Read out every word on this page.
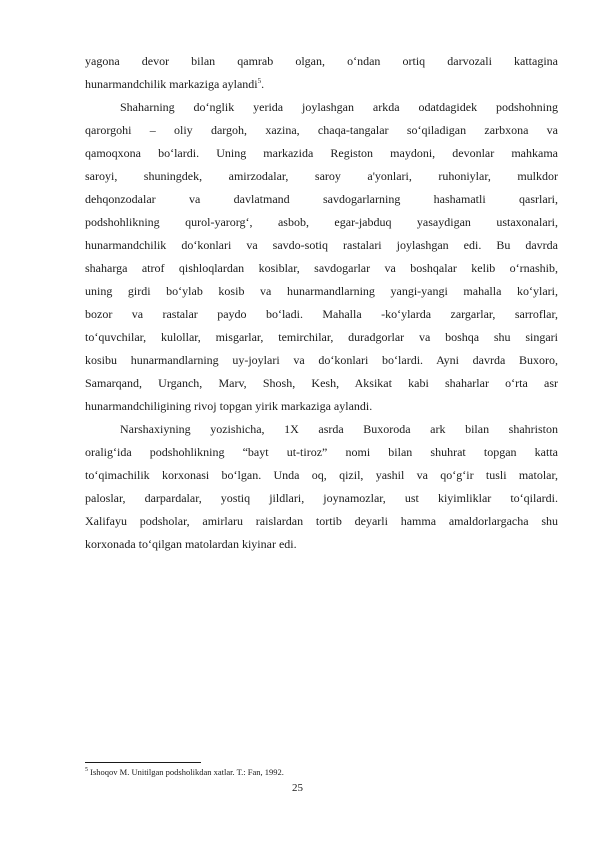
yagona devor bilan qamrab olgan, o‘ndan ortiq darvozali kattagina
hunarmandchilik markaziga aylandi$^5$.
Shaharning do‘nglik yerida joylashgan arkda odatdagidek podshohning
qarorgohi – oliy dargoh, xazina, chaqa-tangalar so‘qiladigan zarbxona va
qamoqxona bo‘lardi. Uning markazida Registon maydoni, devonlar mahkama
saroyi, shuningdek, amirzodalar, saroy a'yonlari, ruhoniylar, mulkdor
dehqonzodalar va davlatmand savdogarlarning hashamatli qasrlari,
podshohlikning qurol-yarorg‘, asbob, egar-jabduq yasaydigan ustaxonalari,
hunarmandchilik do‘konlari va savdo-sotiq rastalari joylashgan edi. Bu davrda
shaharga atrof qishloqlardan kosiblar, savdogarlar va boshqalar kelib o‘rnashib,
uning girdi bo‘ylab kosib va hunarmandlarning yangi-yangi mahalla ko‘ylari,
bozor va rastalar paydo bo‘ladi. Mahalla -ko‘ylarda zargarlar, sarroflar,
to‘quvchilar, kulollar, misgarlar, temirchilar, duradgorlar va boshqa shu singari
kosibu hunarmandlarning uy-joylari va do‘konlari bo‘lardi. Ayni davrda Buxoro,
Samarqand, Urganch, Marv, Shosh, Kesh, Aksikat kabi shaharlar o‘rta asr
hunarmandchiligining rivoj topgan yirik markaziga aylandi.
Narshaxiyning yozishicha, 1X asrda Buxoroda ark bilan shahriston
oralig‘ida podshohlikning “bayt ut-tiroz” nomi bilan shuhrat topgan katta
to‘qimachilik korxonasi bo‘lgan. Unda oq, qizil, yashil va qo‘g‘ir tusli matolar,
paloslar, darpardalar, yostiq jildlari, joynamozlar, ust kiyimliklar to‘qilardi.
Xalifayu podsholar, amirlaru raislardan tortib deyarli hamma amaldorlargacha shu
korxonada to‘qilgan matolardan kiyinar edi.
$^5$ Ishoqov M. Unitilgan podsholikdan xatlar. T.: Fan, 1992.
25
